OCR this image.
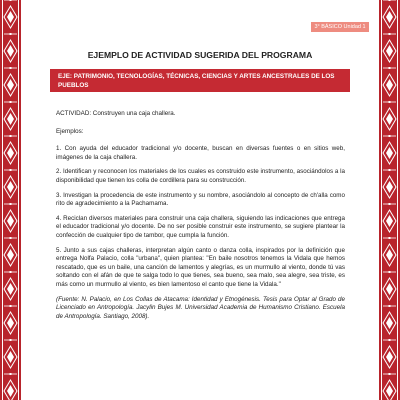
3° BÁSICO Unidad 1
EJEMPLO DE ACTIVIDAD SUGERIDA DEL PROGRAMA
EJE: PATRIMONIO, TECNOLOGÍAS, TÉCNICAS, CIENCIAS Y ARTES ANCESTRALES DE LOS PUEBLOS

ACTIVIDAD: Construyen una caja challera.

Ejemplos:

1. Con ayuda del educador tradicional y/o docente, buscan en diversas fuentes o en sitios web, imágenes de la caja challera.

2. Identifican y reconocen los materiales de los cuales es construido este instrumento, asociándolos a la disponibilidad que tienen los colla de cordillera para su construcción.

3. Investigan la procedencia de este instrumento y su nombre, asociándolo al concepto de ch'alla como rito de agradecimiento a la Pachamama.

4. Reciclan diversos materiales para construir una caja challera, siguiendo las indicaciones que entrega el educador tradicional y/o docente. De no ser posible construir este instrumento, se sugiere plantear la confección de cualquier tipo de tambor, que cumpla la función.

5. Junto a sus cajas challeras, interpretan algún canto o danza colla, inspirados por la definición que entrega Nolfa Palacio, colla "urbana", quien plantea: "En baile nosotros tenemos la Vidala que hemos rescatado, que es un baile, una canción de lamentos y alegrías, es un murmullo al viento, donde tú vas soltando con el afán de que te salga todo lo que tienes, sea bueno, sea malo, sea alegre, sea triste, es más como un murmullo al viento, es bien lamentoso el canto que tiene la Vidala."

(Fuente: N. Palacio, en Los Collas de Atacama: Identidad y Etnogénesis. Tesis para Optar al Grado de Licenciado en Antropología. Jacylin Bujes M. Universidad Academia de Humanismo Cristiano. Escuela de Antropología. Santiago, 2008).
